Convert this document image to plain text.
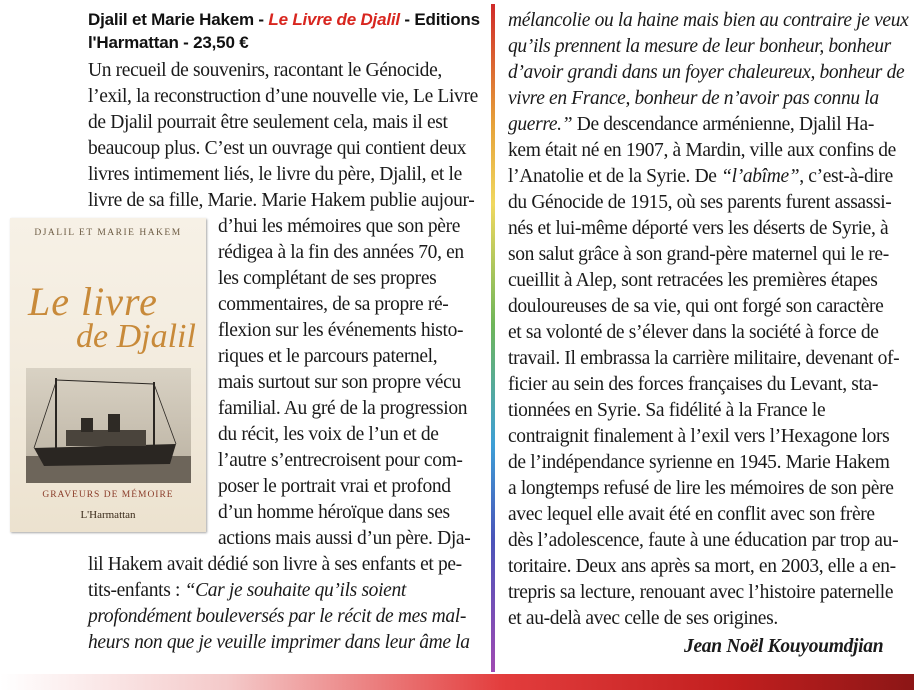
Djalil et Marie Hakem - Le Livre de Djalil - Editions
l'Harmattan - 23,50 €
DJALIL ET MARIE HAKEM
Le livre
de Djalil
GRAVEURS DE MÉMOIRE
L'Harmattan
Un recueil de souvenirs, racontant le Génocide,
l’exil, la reconstruction d’une nouvelle vie, Le Livre
de Djalil pourrait être seulement cela, mais il est
beaucoup plus. C’est un ouvrage qui contient deux
livres intimement liés, le livre du père, Djalil, et le
livre de sa fille, Marie. Marie Hakem publie aujour-
d’hui les mémoires que son père
rédigea à la fin des années 70, en
les complétant de ses propres
commentaires, de sa propre ré-
flexion sur les événements histo-
riques et le parcours paternel,
mais surtout sur son propre vécu
familial. Au gré de la progression
du récit, les voix de l’un et de
l’autre s’entrecroisent pour com-
poser le portrait vrai et profond
d’un homme héroïque dans ses
actions mais aussi d’un père. Dja-
lil Hakem avait dédié son livre à ses enfants et pe-
tits-enfants : “Car je souhaite qu’ils soient
profondément bouleversés par le récit de mes mal-
heurs non que je veuille imprimer dans leur âme la
mélancolie ou la haine mais bien au contraire je veux
qu’ils prennent la mesure de leur bonheur, bonheur
d’avoir grandi dans un foyer chaleureux, bonheur de
vivre en France, bonheur de n’avoir pas connu la
guerre.” De descendance arménienne, Djalil Ha-
kem était né en 1907, à Mardin, ville aux confins de
l’Anatolie et de la Syrie. De “l’abîme”, c’est-à-dire
du Génocide de 1915, où ses parents furent assassi-
nés et lui-même déporté vers les déserts de Syrie, à
son salut grâce à son grand-père maternel qui le re-
cueillit à Alep, sont retracées les premières étapes
douloureuses de sa vie, qui ont forgé son caractère
et sa volonté de s’élever dans la société à force de
travail. Il embrassa la carrière militaire, devenant of-
ficier au sein des forces françaises du Levant, sta-
tionnées en Syrie. Sa fidélité à la France le
contraignit finalement à l’exil vers l’Hexagone lors
de l’indépendance syrienne en 1945. Marie Hakem
a longtemps refusé de lire les mémoires de son père
avec lequel elle avait été en conflit avec son frère
dès l’adolescence, faute à une éducation par trop au-
toritaire. Deux ans après sa mort, en 2003, elle a en-
trepris sa lecture, renouant avec l’histoire paternelle
et au-delà avec celle de ses origines.
Jean Noël Kouyoumdjian
